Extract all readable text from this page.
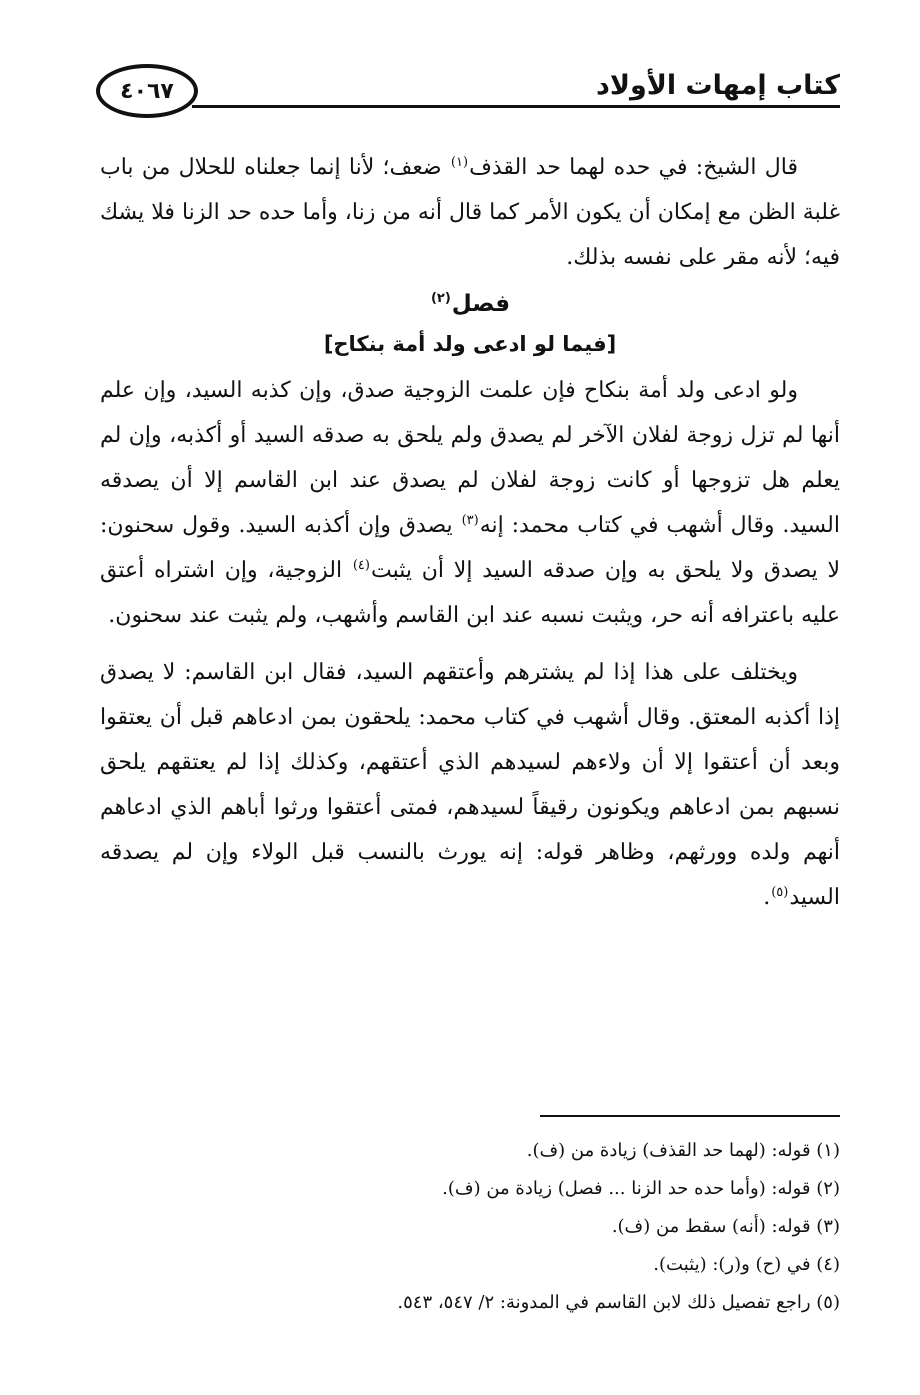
كتاب إمهات الأولاد
٤٠٦٧

قال الشيخ: في حده لهما حد القذف$^{(١)}$ ضعف؛ لأنا إنما جعلناه للحلال من باب غلبة الظن مع إمكان أن يكون الأمر كما قال أنه من زنا، وأما حده حد الزنا فلا يشك فيه؛ لأنه مقر على نفسه بذلك.

فصل$^{(٢)}$
[فيما لو ادعى ولد أمة بنكاح]

ولو ادعى ولد أمة بنكاح فإن علمت الزوجية صدق، وإن كذبه السيد، وإن علم أنها لم تزل زوجة لفلان الآخر لم يصدق ولم يلحق به صدقه السيد أو أكذبه، وإن لم يعلم هل تزوجها أو كانت زوجة لفلان لم يصدق عند ابن القاسم إلا أن يصدقه السيد. وقال أشهب في كتاب محمد: إنه$^{(٣)}$ يصدق وإن أكذبه السيد. وقول سحنون: لا يصدق ولا يلحق به وإن صدقه السيد إلا أن يثبت$^{(٤)}$ الزوجية، وإن اشتراه أعتق عليه باعترافه أنه حر، ويثبت نسبه عند ابن القاسم وأشهب، ولم يثبت عند سحنون.

ويختلف على هذا إذا لم يشترهم وأعتقهم السيد، فقال ابن القاسم: لا يصدق إذا أكذبه المعتق. وقال أشهب في كتاب محمد: يلحقون بمن ادعاهم قبل أن يعتقوا وبعد أن أعتقوا إلا أن ولاءهم لسيدهم الذي أعتقهم، وكذلك إذا لم يعتقهم يلحق نسبهم بمن ادعاهم ويكونون رقيقاً لسيدهم، فمتى أعتقوا ورثوا أباهم الذي ادعاهم أنهم ولده وورثهم، وظاهر قوله: إنه يورث بالنسب قبل الولاء وإن لم يصدقه السيد$^{(٥)}$.

(١) قوله: (لهما حد القذف) زيادة من (ف).
(٢) قوله: (وأما حده حد الزنا ... فصل) زيادة من (ف).
(٣) قوله: (أنه) سقط من (ف).
(٤) في (ح) و(ر): (يثبت).
(٥) راجع تفصيل ذلك لابن القاسم في المدونة: ٢/ ٥٤٧، ٥٤٣.
